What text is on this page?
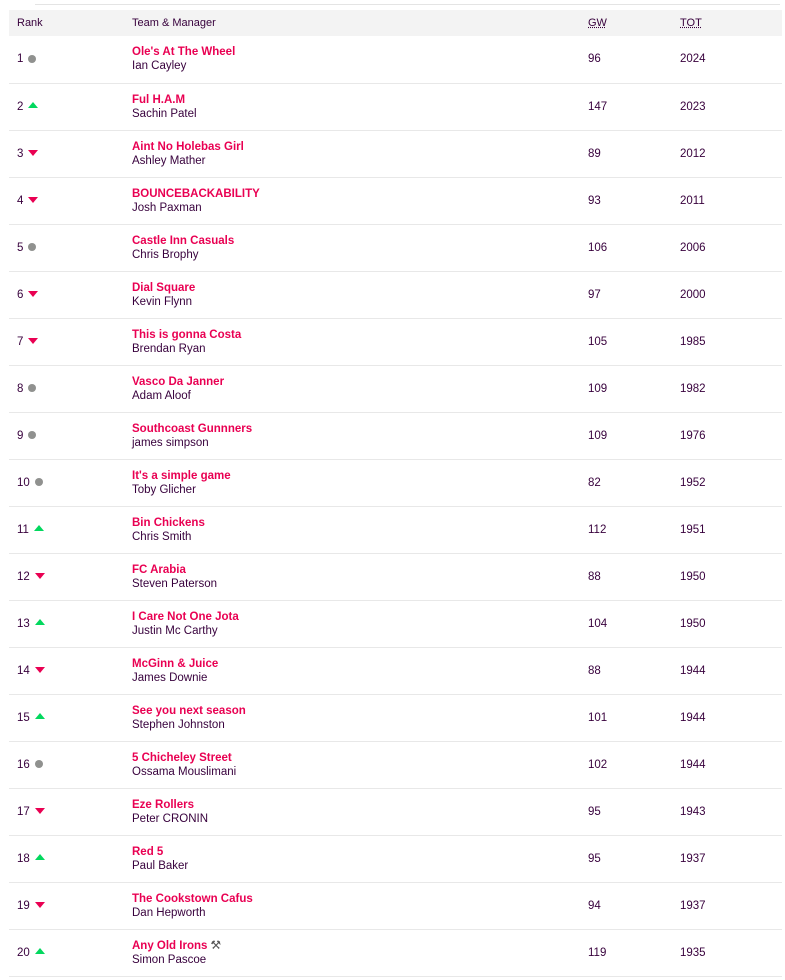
Rank	Team & Manager	GW	TOT
1	Ole's At The Wheel
Ian Cayley	96	2024
2	Ful H.A.M
Sachin Patel	147	2023
3	Aint No Holebas Girl
Ashley Mather	89	2012
4	BOUNCEBACKABILITY
Josh Paxman	93	2011
5	Castle Inn Casuals
Chris Brophy	106	2006
6	Dial Square
Kevin Flynn	97	2000
7	This is gonna Costa
Brendan Ryan	105	1985
8	Vasco Da Janner
Adam Aloof	109	1982
9	Southcoast Gunnners
james simpson	109	1976
10	It's a simple game
Toby Glicher	82	1952
11	Bin Chickens
Chris Smith	112	1951
12	FC Arabia
Steven Paterson	88	1950
13	I Care Not One Jota
Justin Mc Carthy	104	1950
14	McGinn & Juice
James Downie	88	1944
15	See you next season
Stephen Johnston	101	1944
16	5 Chicheley Street
Ossama Mouslimani	102	1944
17	Eze Rollers
Peter CRONIN	95	1943
18	Red 5
Paul Baker	95	1937
19	The Cookstown Cafus
Dan Hepworth	94	1937
20	Any Old Irons ⚒
Simon Pascoe	119	1935
